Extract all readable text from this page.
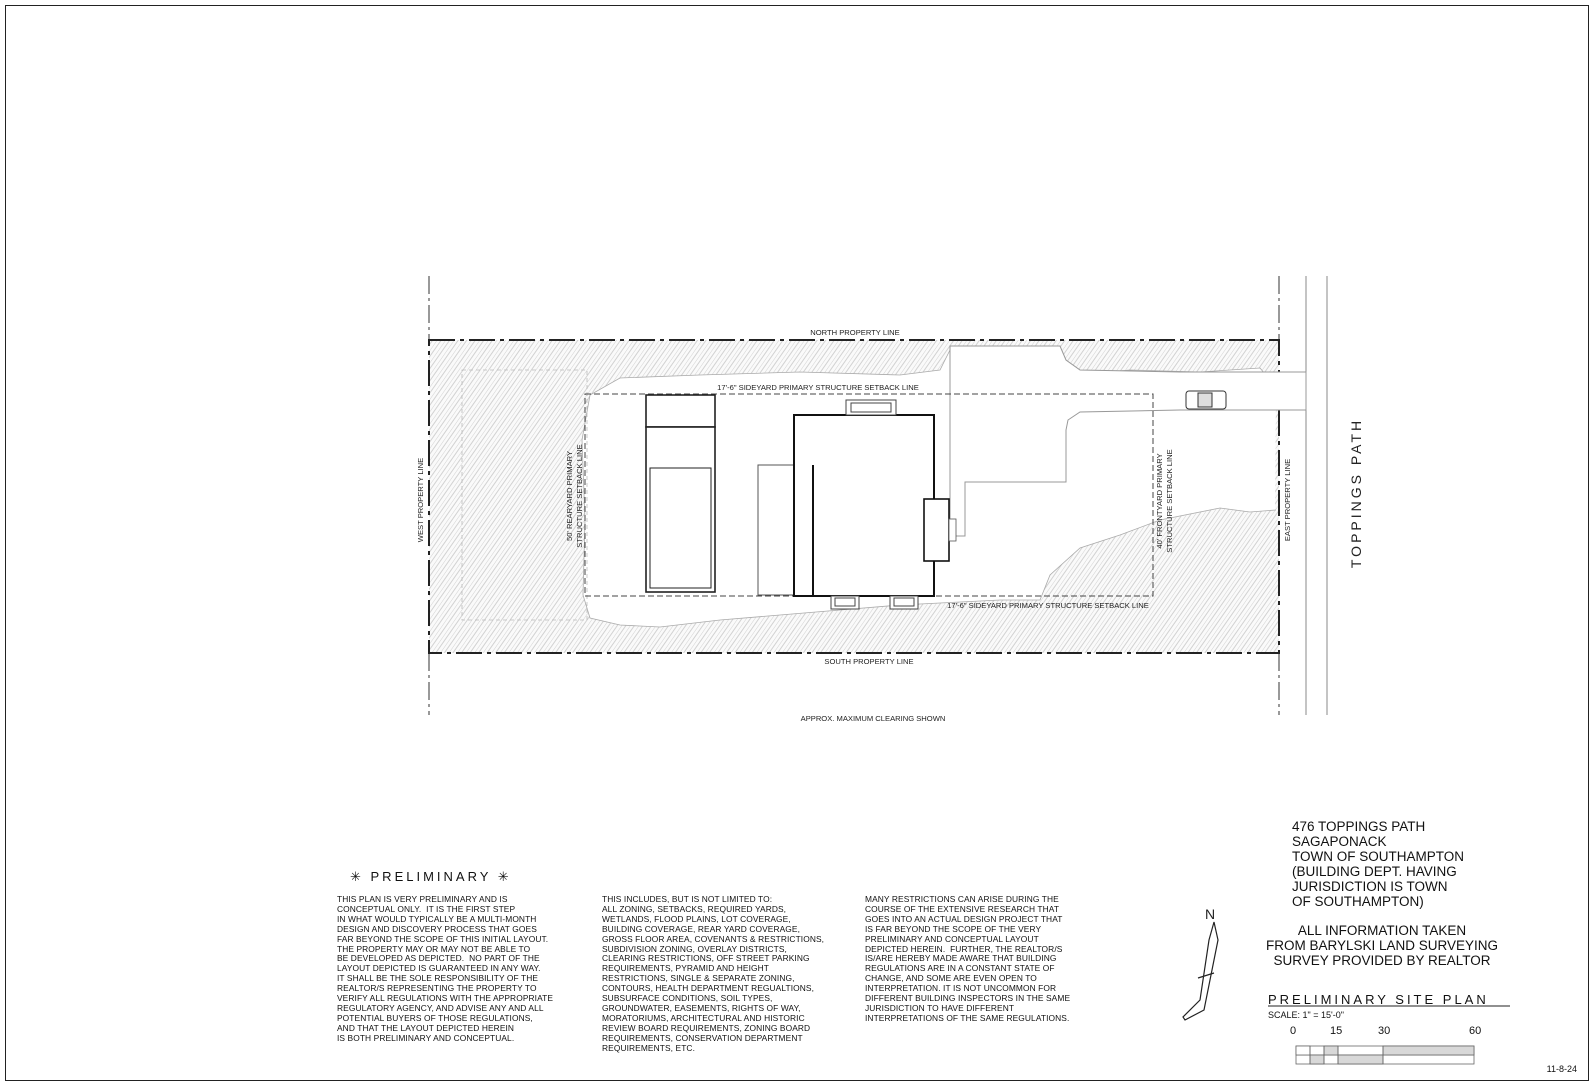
NORTH PROPERTY LINE
SOUTH PROPERTY LINE
17'-6" SIDEYARD PRIMARY STRUCTURE SETBACK LINE
17'-6" SIDEYARD PRIMARY STRUCTURE SETBACK LINE
WEST PROPERTY LINE	EAST PROPERTY LINE
50' REARYARD PRIMARY STRUCTURE SETBACK LINE	40' FRONTYARD PRIMARY STRUCTURE SETBACK LINE
APPROX. MAXIMUM CLEARING SHOWN
TOPPINGS PATH
N
✳ PRELIMINARY ✳
THIS PLAN IS VERY PRELIMINARY AND IS
CONCEPTUAL ONLY.  IT IS THE FIRST STEP
IN WHAT WOULD TYPICALLY BE A MULTI-MONTH
DESIGN AND DISCOVERY PROCESS THAT GOES
FAR BEYOND THE SCOPE OF THIS INITIAL LAYOUT.
THE PROPERTY MAY OR MAY NOT BE ABLE TO
BE DEVELOPED AS DEPICTED.  NO PART OF THE
LAYOUT DEPICTED IS GUARANTEED IN ANY WAY.
IT SHALL BE THE SOLE RESPONSIBILITY OF THE
REALTOR/S REPRESENTING THE PROPERTY TO
VERIFY ALL REGULATIONS WITH THE APPROPRIATE
REGULATORY AGENCY, AND ADVISE ANY AND ALL
POTENTIAL BUYERS OF THOSE REGULATIONS,
AND THAT THE LAYOUT DEPICTED HEREIN
IS BOTH PRELIMINARY AND CONCEPTUAL.
THIS INCLUDES, BUT IS NOT LIMITED TO:
ALL ZONING, SETBACKS, REQUIRED YARDS,
WETLANDS, FLOOD PLAINS, LOT COVERAGE,
BUILDING COVERAGE, REAR YARD COVERAGE,
GROSS FLOOR AREA, COVENANTS & RESTRICTIONS,
SUBDIVISION ZONING, OVERLAY DISTRICTS,
CLEARING RESTRICTIONS, OFF STREET PARKING
REQUIREMENTS, PYRAMID AND HEIGHT
RESTRICTIONS, SINGLE & SEPARATE ZONING,
CONTOURS, HEALTH DEPARTMENT REGUALTIONS,
SUBSURFACE CONDITIONS, SOIL TYPES,
GROUNDWATER, EASEMENTS, RIGHTS OF WAY,
MORATORIUMS, ARCHITECTURAL AND HISTORIC
REVIEW BOARD REQUIREMENTS, ZONING BOARD
REQUIREMENTS, CONSERVATION DEPARTMENT
REQUIREMENTS, ETC.
MANY RESTRICTIONS CAN ARISE DURING THE
COURSE OF THE EXTENSIVE RESEARCH THAT
GOES INTO AN ACTUAL DESIGN PROJECT THAT
IS FAR BEYOND THE SCOPE OF THE VERY
PRELIMINARY AND CONCEPTUAL LAYOUT
DEPICTED HEREIN.  FURTHER, THE REALTOR/S
IS/ARE HEREBY MADE AWARE THAT BUILDING
REGULATIONS ARE IN A CONSTANT STATE OF
CHANGE, AND SOME ARE EVEN OPEN TO
INTERPRETATION. IT IS NOT UNCOMMON FOR
DIFFERENT BUILDING INSPECTORS IN THE SAME
JURISDICTION TO HAVE DIFFERENT
INTERPRETATIONS OF THE SAME REGULATIONS.
476 TOPPINGS PATH
SAGAPONACK
TOWN OF SOUTHAMPTON
(BUILDING DEPT. HAVING
JURISDICTION IS TOWN
OF SOUTHAMPTON)
ALL INFORMATION TAKEN
FROM BARYLSKI LAND SURVEYING
SURVEY PROVIDED BY REALTOR
PRELIMINARY SITE PLAN
SCALE: 1" = 15'-0"
0	15	30	60
11-8-24
